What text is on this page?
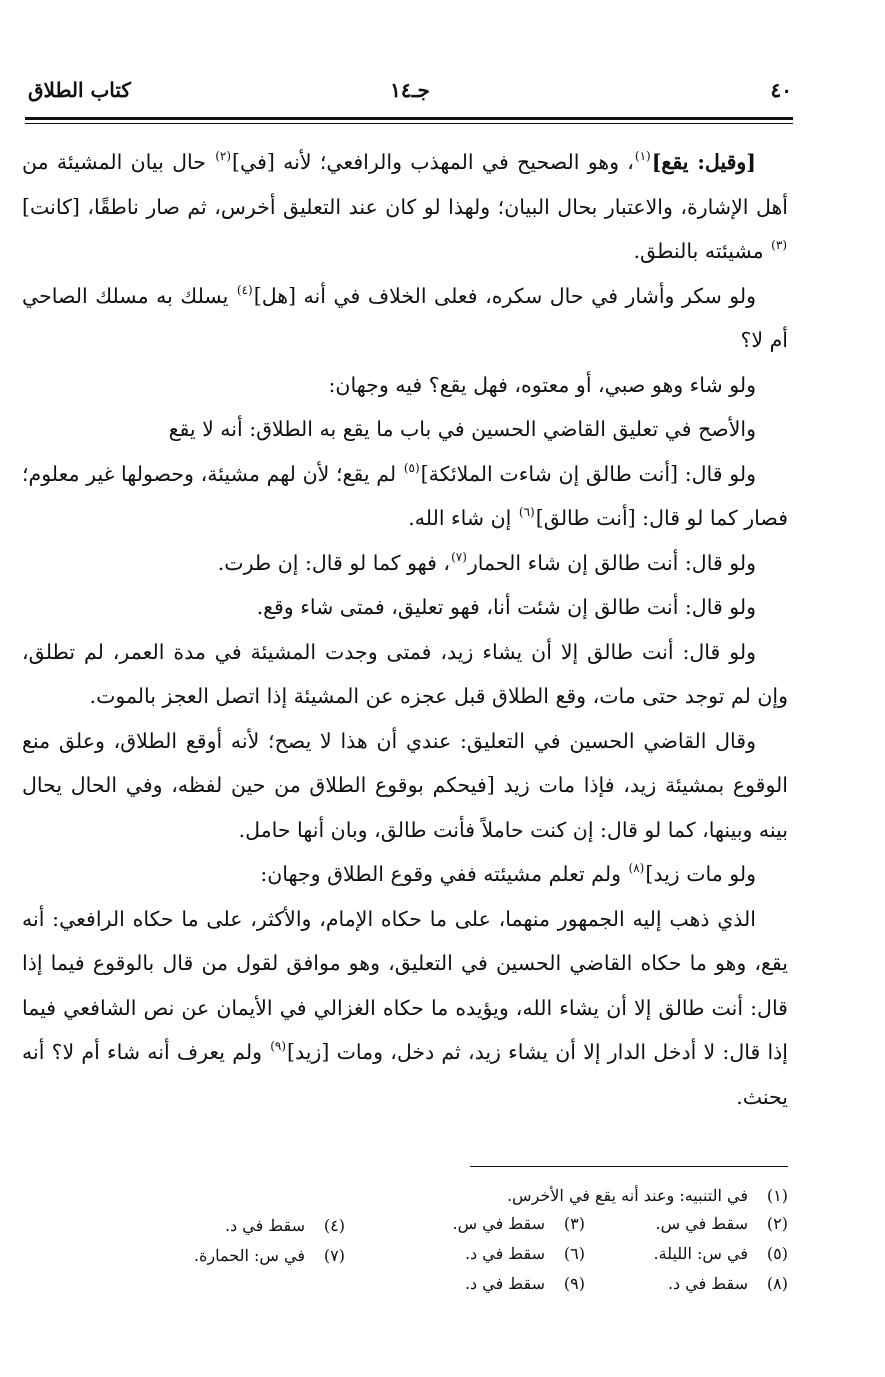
٤٠
جـ١٤
كتاب الطلاق

[وقيل: يقع]$^{(١)}$، وهو الصحيح في المهذب والرافعي؛ لأنه [في]$^{(٢)}$ حال بيان المشيئة من أهل الإشارة، والاعتبار بحال البيان؛ ولهذا لو كان عند التعليق أخرس، ثم صار ناطقًا، [كانت]$^{(٣)}$ مشيئته بالنطق.

ولو سكر وأشار في حال سكره، فعلى الخلاف في أنه [هل]$^{(٤)}$ يسلك به مسلك الصاحي أم لا؟

ولو شاء وهو صبي، أو معتوه، فهل يقع؟ فيه وجهان:

والأصح في تعليق القاضي الحسين في باب ما يقع به الطلاق: أنه لا يقع

ولو قال: [أنت طالق إن شاءت الملائكة]$^{(٥)}$ لم يقع؛ لأن لهم مشيئة، وحصولها غير معلوم؛ فصار كما لو قال: [أنت طالق]$^{(٦)}$ إن شاء الله.

ولو قال: أنت طالق إن شاء الحمار$^{(٧)}$، فهو كما لو قال: إن طرت.

ولو قال: أنت طالق إن شئت أنا، فهو تعليق، فمتى شاء وقع.

ولو قال: أنت طالق إلا أن يشاء زيد، فمتى وجدت المشيئة في مدة العمر، لم تطلق، وإن لم توجد حتى مات، وقع الطلاق قبل عجزه عن المشيئة إذا اتصل العجز بالموت.

وقال القاضي الحسين في التعليق: عندي أن هذا لا يصح؛ لأنه أوقع الطلاق، وعلق منع الوقوع بمشيئة زيد، فإذا مات زيد [فيحكم بوقوع الطلاق من حين لفظه، وفي الحال يحال بينه وبينها، كما لو قال: إن كنت حاملاً فأنت طالق، وبان أنها حامل.

ولو مات زيد]$^{(٨)}$ ولم تعلم مشيئته ففي وقوع الطلاق وجهان:

الذي ذهب إليه الجمهور منهما، على ما حكاه الإمام، والأكثر، على ما حكاه الرافعي: أنه يقع، وهو ما حكاه القاضي الحسين في التعليق، وهو موافق لقول من قال بالوقوع فيما إذا قال: أنت طالق إلا أن يشاء الله، ويؤيده ما حكاه الغزالي في الأيمان عن نص الشافعي فيما إذا قال: لا أدخل الدار إلا أن يشاء زيد، ثم دخل، ومات [زيد]$^{(٩)}$ ولم يعرف أنه شاء أم لا؟ أنه يحنث.

(١)في التنبيه: وعند أنه يقع في الأخرس.
(٢)سقط في س.
(٥)في س: الليلة.
(٨)سقط في د.
(٣)سقط في س.
(٦)سقط في د.
(٩)سقط في د.
(٤)سقط في د.
(٧)في س: الحمارة.
